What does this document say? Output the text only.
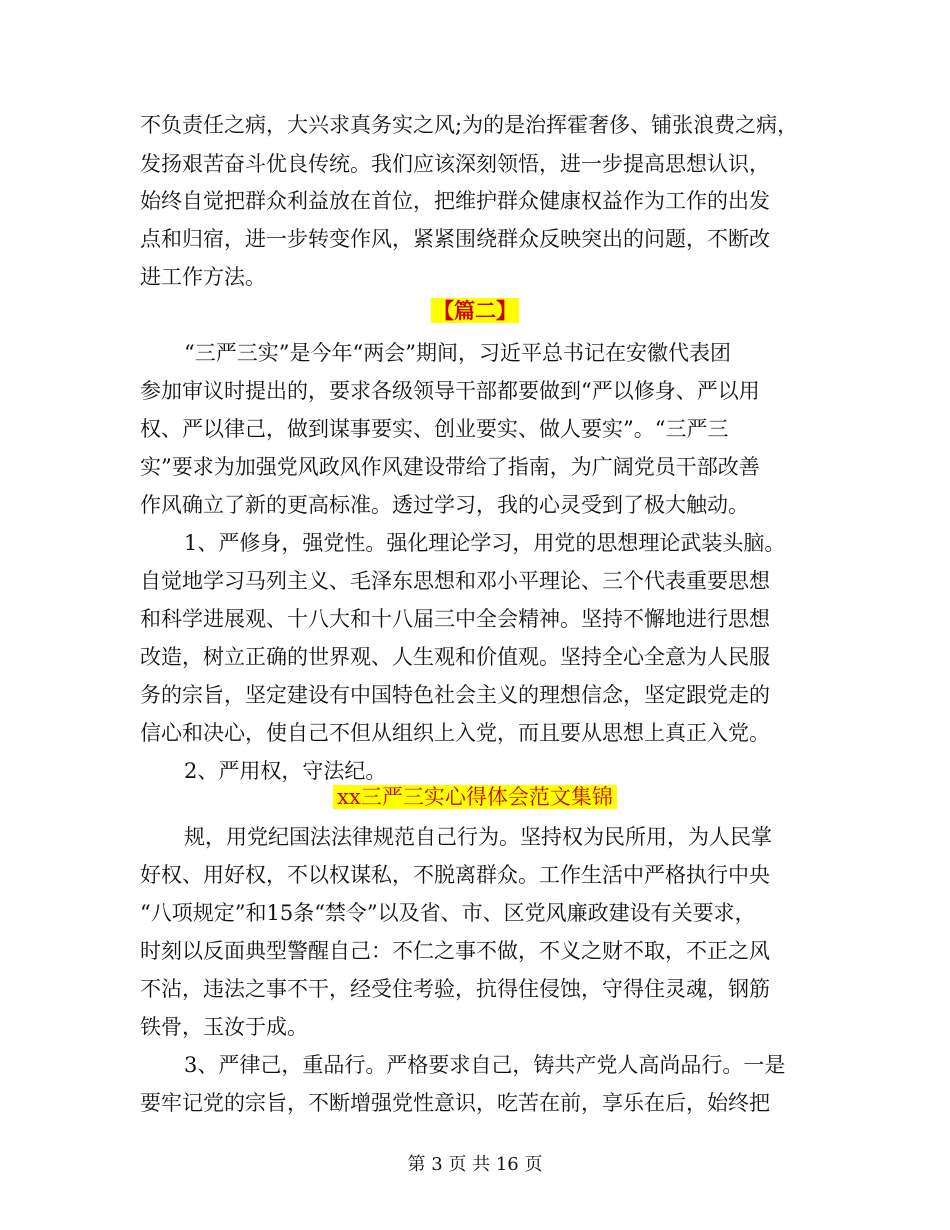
不负责任之病，大兴求真务实之风;为的是治挥霍奢侈、铺张浪费之病，
发扬艰苦奋斗优良传统。我们应该深刻领悟，进一步提高思想认识，
始终自觉把群众利益放在首位，把维护群众健康权益作为工作的出发
点和归宿，进一步转变作风，紧紧围绕群众反映突出的问题，不断改
进工作方法。
【篇二】
“三严三实”是今年“两会”期间，习近平总书记在安徽代表团
参加审议时提出的，要求各级领导干部都要做到“严以修身、严以用
权、严以律己，做到谋事要实、创业要实、做人要实”。“三严三
实”要求为加强党风政风作风建设带给了指南，为广阔党员干部改善
作风确立了新的更高标准。透过学习，我的心灵受到了极大触动。
1、严修身，强党性。强化理论学习，用党的思想理论武装头脑。
自觉地学习马列主义、毛泽东思想和邓小平理论、三个代表重要思想
和科学进展观、十八大和十八届三中全会精神。坚持不懈地进行思想
改造，树立正确的世界观、人生观和价值观。坚持全心全意为人民服
务的宗旨，坚定建设有中国特色社会主义的理想信念，坚定跟党走的
信心和决心，使自己不但从组织上入党，而且要从思想上真正入党。
2、严用权，守法纪。
xx三严三实心得体会范文集锦
规，用党纪国法法律规范自己行为。坚持权为民所用，为人民掌
好权、用好权，不以权谋私，不脱离群众。工作生活中严格执行中央
“八项规定”和15条“禁令”以及省、市、区党风廉政建设有关要求，
时刻以反面典型警醒自己：不仁之事不做，不义之财不取，不正之风
不沾，违法之事不干，经受住考验，抗得住侵蚀，守得住灵魂，钢筋
铁骨，玉汝于成。
3、严律己，重品行。严格要求自己，铸共产党人高尚品行。一是
要牢记党的宗旨，不断增强党性意识，吃苦在前，享乐在后，始终把
第 3 页 共 16 页
